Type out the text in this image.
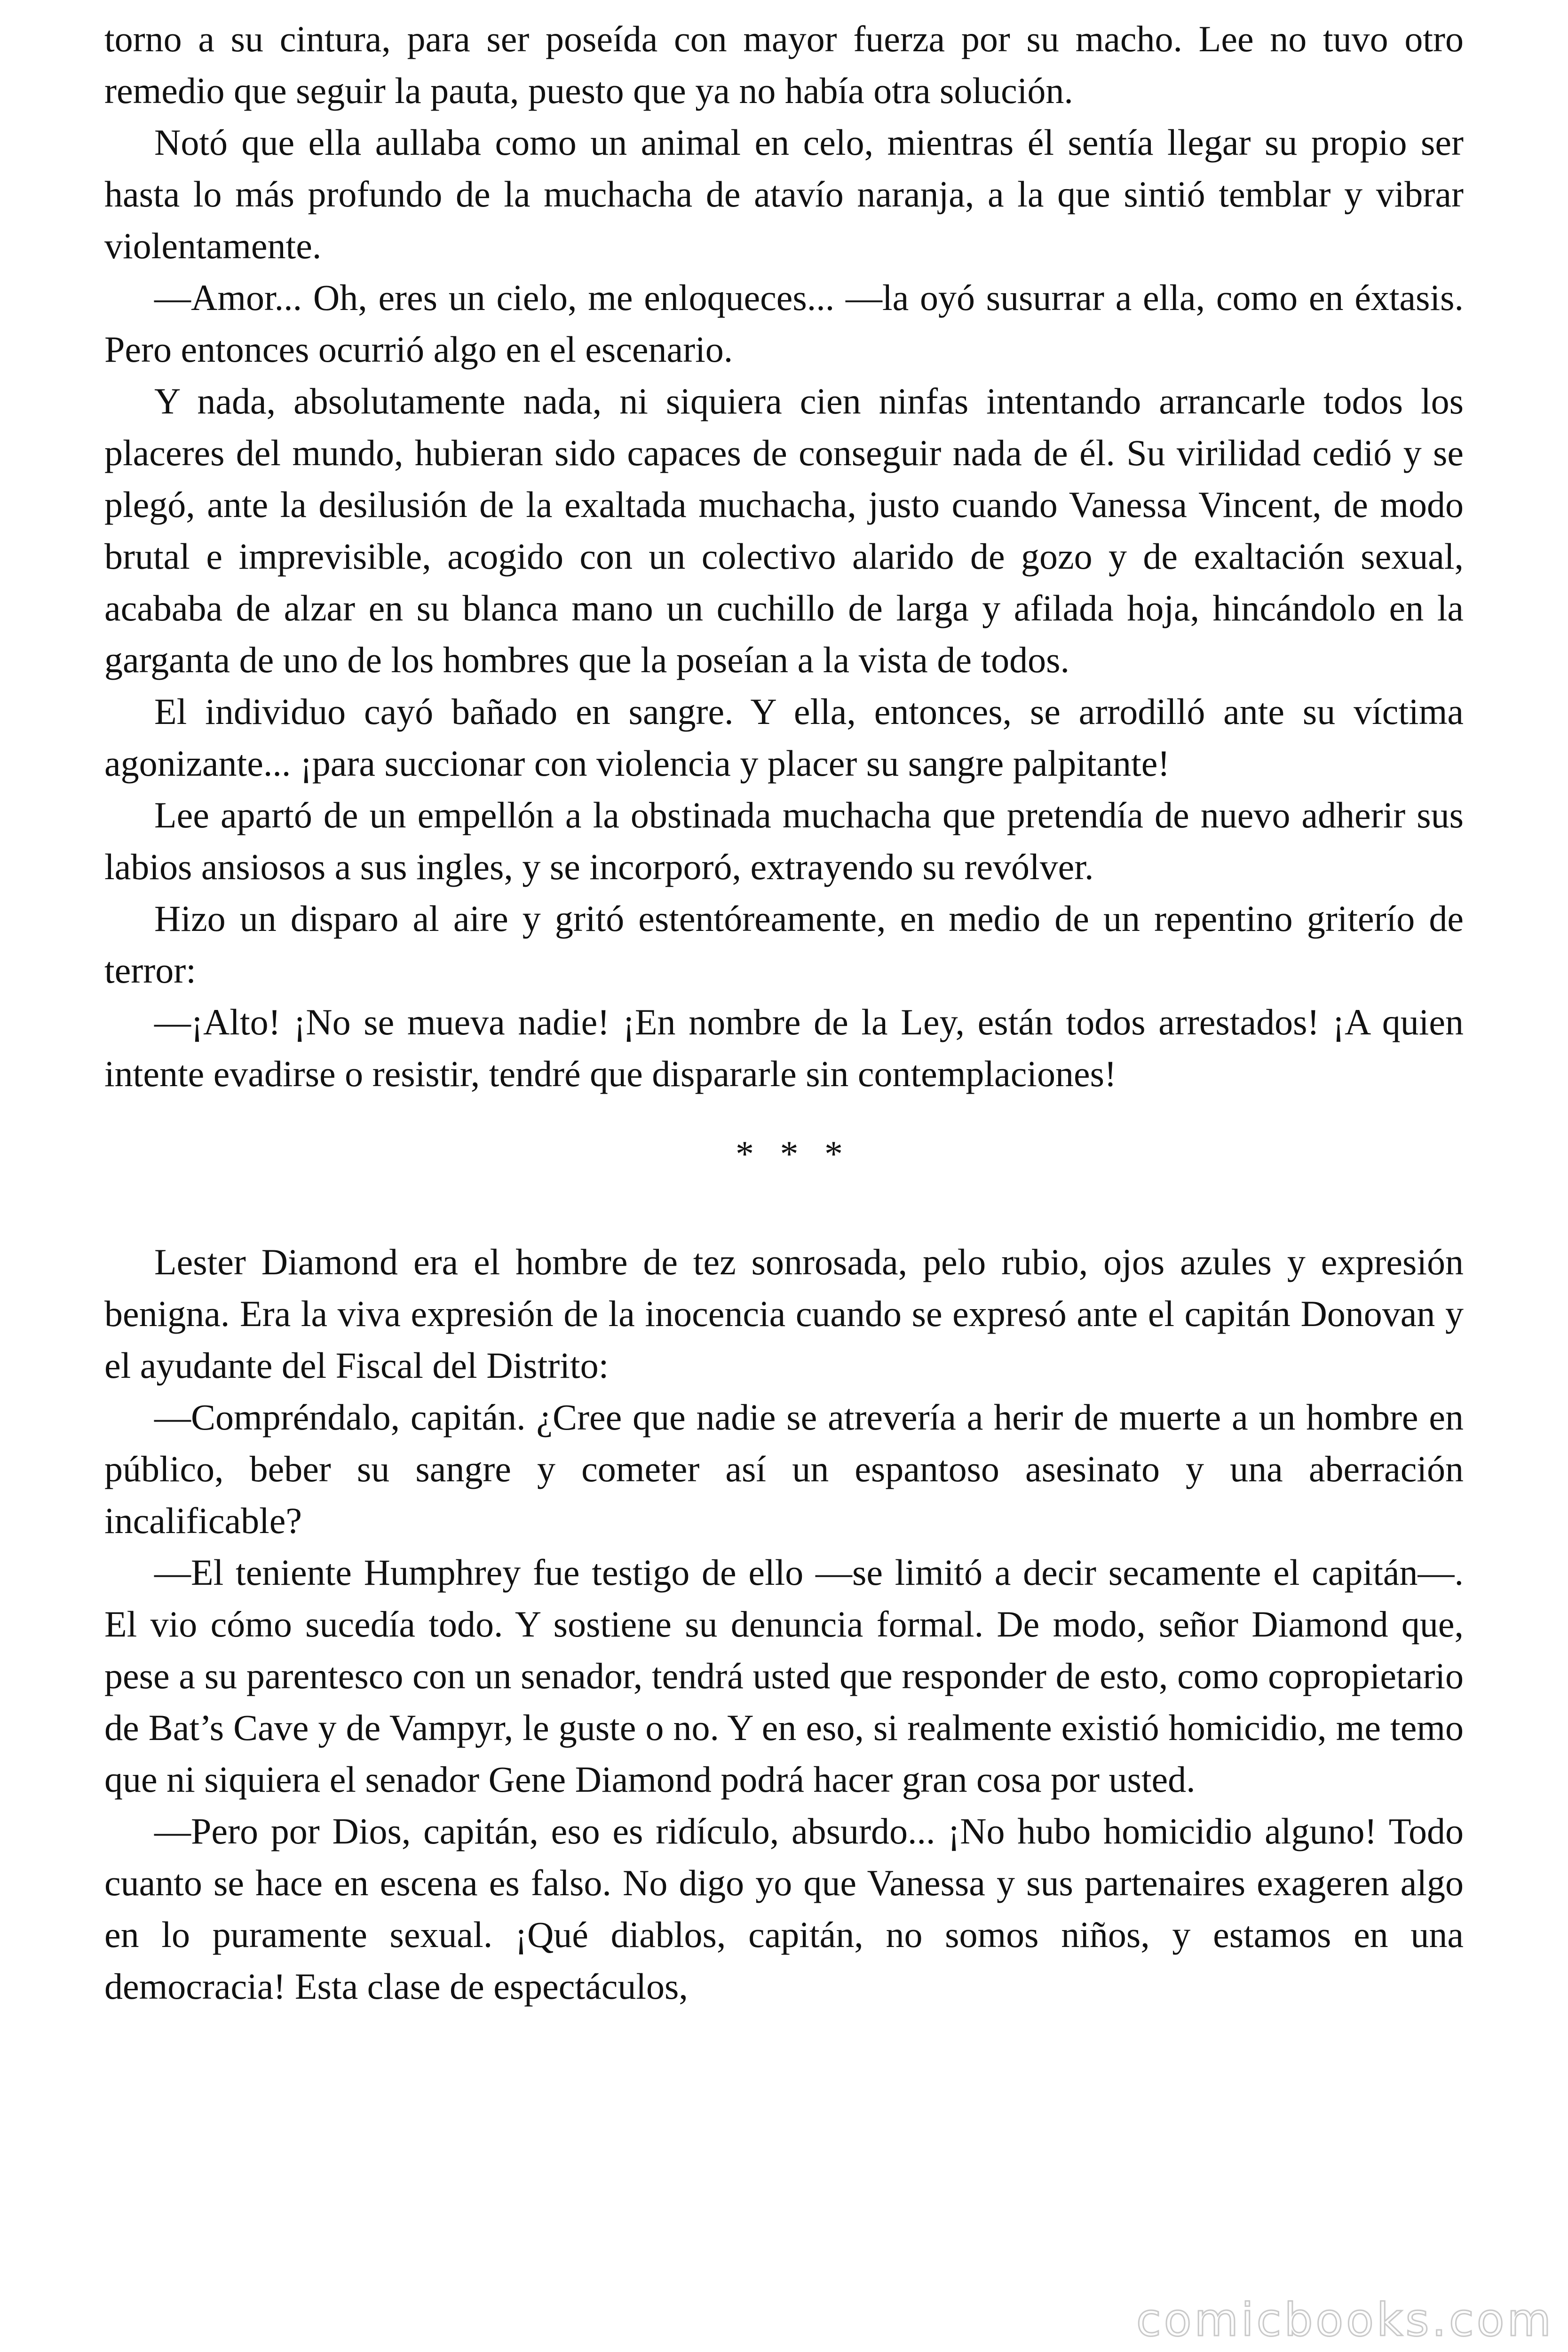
torno a su cintura, para ser poseída con mayor fuerza por su macho. Lee no tuvo otro remedio que seguir la pauta, puesto que ya no había otra solución.

Notó que ella aullaba como un animal en celo, mientras él sentía llegar su propio ser hasta lo más profundo de la muchacha de atavío naranja, a la que sintió temblar y vibrar violentamente.

—Amor... Oh, eres un cielo, me enloqueces... —la oyó susurrar a ella, como en éxtasis. Pero entonces ocurrió algo en el escenario.

Y nada, absolutamente nada, ni siquiera cien ninfas intentando arrancarle todos los placeres del mundo, hubieran sido capaces de conseguir nada de él. Su virilidad cedió y se plegó, ante la desilusión de la exaltada muchacha, justo cuando Vanessa Vincent, de modo brutal e imprevisible, acogido con un colectivo alarido de gozo y de exaltación sexual, acababa de alzar en su blanca mano un cuchillo de larga y afilada hoja, hincándolo en la garganta de uno de los hombres que la poseían a la vista de todos.

El individuo cayó bañado en sangre. Y ella, entonces, se arrodilló ante su víctima agonizante... ¡para succionar con violencia y placer su sangre palpitante!

Lee apartó de un empellón a la obstinada muchacha que pretendía de nuevo adherir sus labios ansiosos a sus ingles, y se incorporó, extrayendo su revólver.

Hizo un disparo al aire y gritó estentóreamente, en medio de un repentino griterío de terror:

—¡Alto! ¡No se mueva nadie! ¡En nombre de la Ley, están todos arrestados! ¡A quien intente evadirse o resistir, tendré que dispararle sin contemplaciones!

* * *

Lester Diamond era el hombre de tez sonrosada, pelo rubio, ojos azules y expresión benigna. Era la viva expresión de la inocencia cuando se expresó ante el capitán Donovan y el ayudante del Fiscal del Distrito:

—Compréndalo, capitán. ¿Cree que nadie se atrevería a herir de muerte a un hombre en público, beber su sangre y cometer así un espantoso asesinato y una aberración incalificable?

—El teniente Humphrey fue testigo de ello —se limitó a decir secamente el capitán—. El vio cómo sucedía todo. Y sostiene su denuncia formal. De modo, señor Diamond que, pese a su parentesco con un senador, tendrá usted que responder de esto, como copropietario de Bat’s Cave y de Vampyr, le guste o no. Y en eso, si realmente existió homicidio, me temo que ni siquiera el senador Gene Diamond podrá hacer gran cosa por usted.

—Pero por Dios, capitán, eso es ridículo, absurdo... ¡No hubo homicidio alguno! Todo cuanto se hace en escena es falso. No digo yo que Vanessa y sus partenaires exageren algo en lo puramente sexual. ¡Qué diablos, capitán, no somos niños, y estamos en una democracia! Esta clase de espectáculos,

comicbooks.com
